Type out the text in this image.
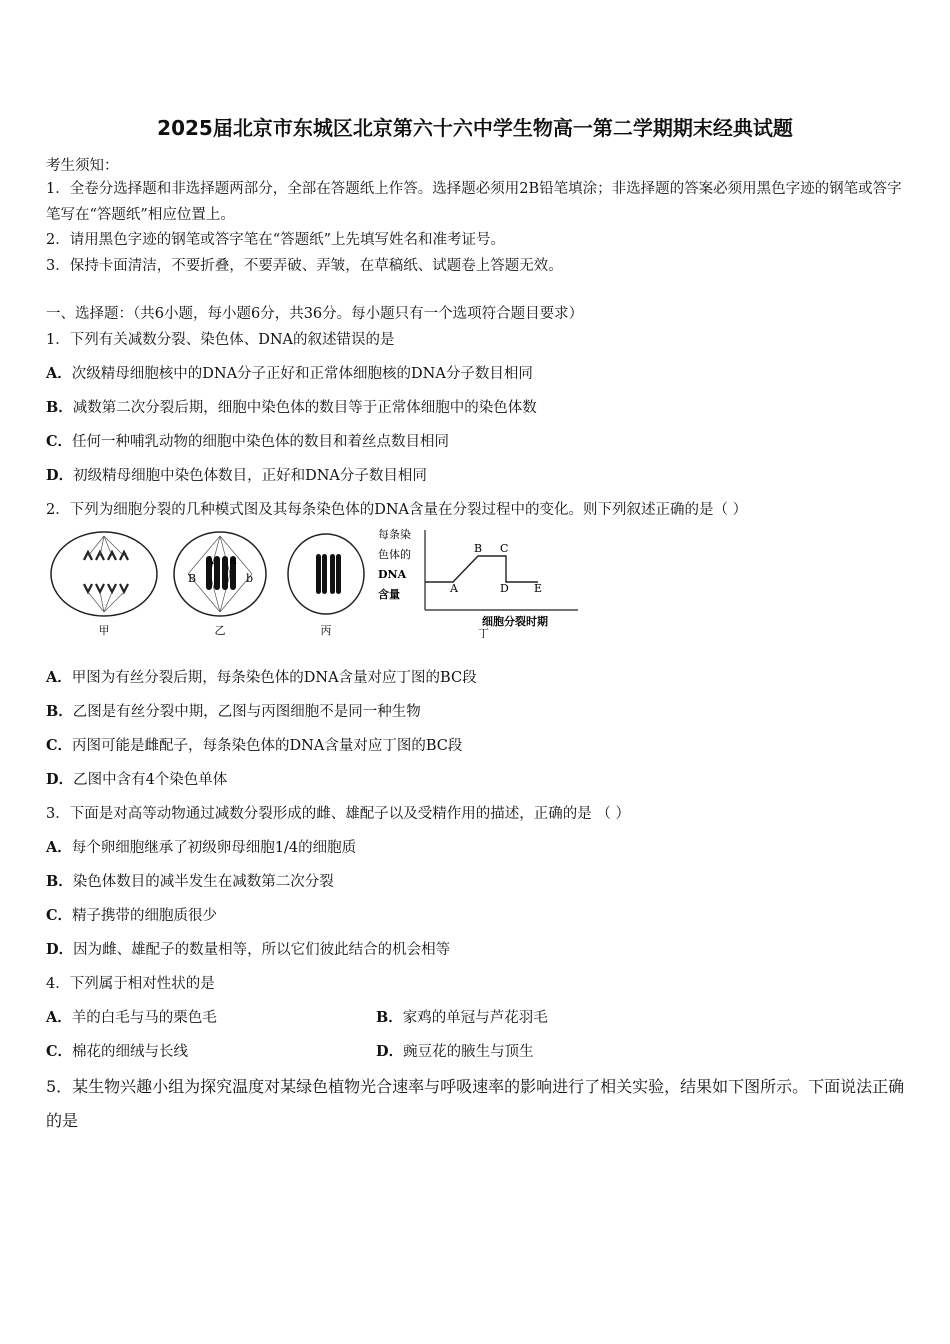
2025届北京市东城区北京第六十六中学生物高一第二学期期末经典试题
考生须知：
1．全卷分选择题和非选择题两部分，全部在答题纸上作答。选择题必须用2B铅笔填涂；非选择题的答案必须用黑色字迹的钢笔或答字笔写在“答题纸”相应位置上。
2．请用黑色字迹的钢笔或答字笔在“答题纸”上先填写姓名和准考证号。
3．保持卡面清洁，不要折叠，不要弄破、弄皱，在草稿纸、试题卷上答题无效。
一、选择题：（共6小题，每小题6分，共36分。每小题只有一个选项符合题目要求）
1．下列有关减数分裂、染色体、DNA的叙述错误的是
A．次级精母细胞核中的DNA分子正好和正常体细胞核的DNA分子数目相同
B．减数第二次分裂后期，细胞中染色体的数目等于正常体细胞中的染色体数
C．任何一种哺乳动物的细胞中染色体的数目和着丝点数目相同
D．初级精母细胞中染色体数目，正好和DNA分子数目相同
2．下列为细胞分裂的几种模式图及其每条染色体的DNA含量在分裂过程中的变化。则下列叙述正确的是（ ）
甲
B	b
A a
乙	丙
每条染
色体的
DNA
含量	A
B C
D E
细胞分裂时期
丁
A．甲图为有丝分裂后期，每条染色体的DNA含量对应丁图的BC段
B．乙图是有丝分裂中期，乙图与丙图细胞不是同一种生物
C．丙图可能是雌配子，每条染色体的DNA含量对应丁图的BC段
D．乙图中含有4个染色单体
3．下面是对高等动物通过减数分裂形成的雌、雄配子以及受精作用的描述，正确的是 （ ）
A．每个卵细胞继承了初级卵母细胞1/4的细胞质
B．染色体数目的减半发生在减数第二次分裂
C．精子携带的细胞质很少
D．因为雌、雄配子的数量相等，所以它们彼此结合的机会相等
4．下列属于相对性状的是
A．羊的白毛与马的栗色毛	B．家鸡的单冠与芦花羽毛
C．棉花的细绒与长线	D．豌豆花的腋生与顶生
5．某生物兴趣小组为探究温度对某绿色植物光合速率与呼吸速率的影响进行了相关实验，结果如下图所示。下面说法正确的是
